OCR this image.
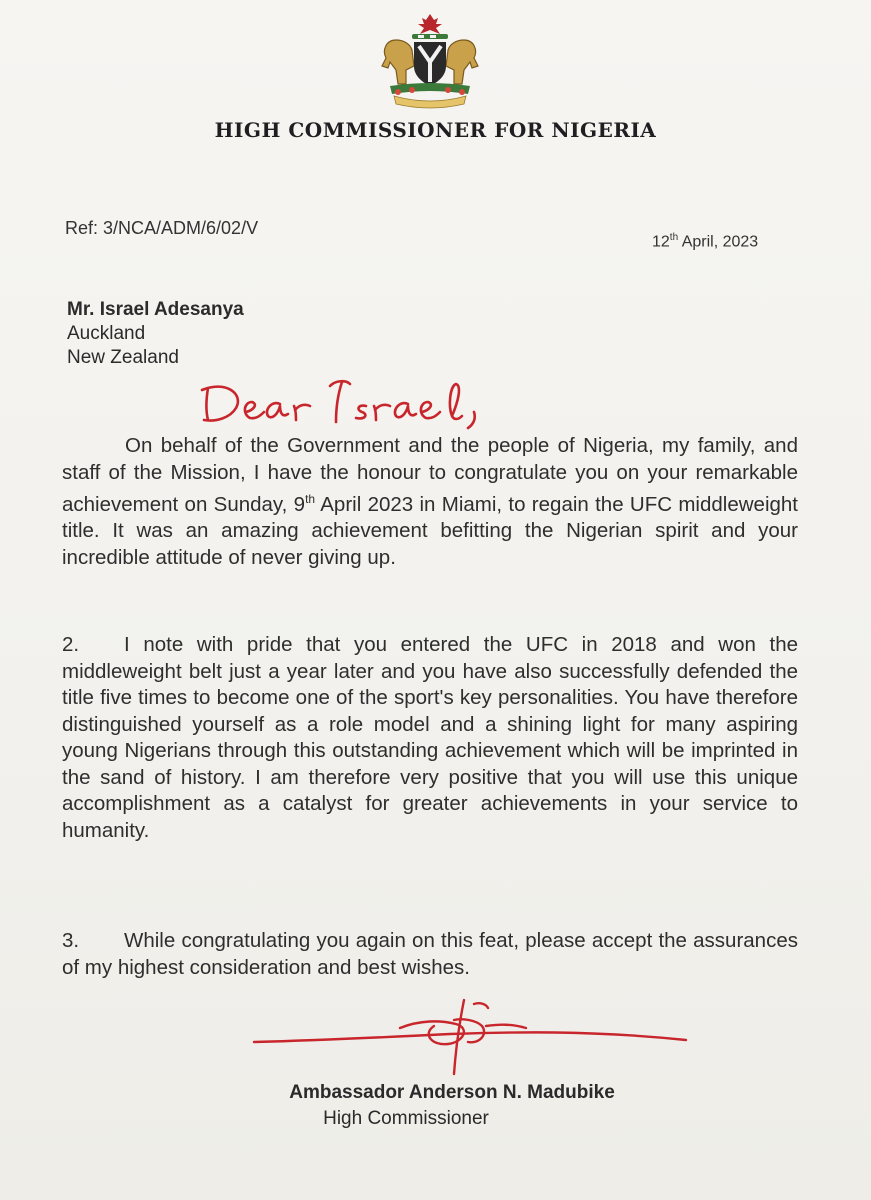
HIGH COMMISSIONER FOR NIGERIA
Ref: 3/NCA/ADM/6/02/V
12th April, 2023
Mr. Israel Adesanya
Auckland
New Zealand
On behalf of the Government and the people of Nigeria, my family, and staff of the Mission, I have the honour to congratulate you on your remarkable achievement on Sunday, 9th April 2023 in Miami, to regain the UFC middleweight title. It was an amazing achievement befitting the Nigerian spirit and your incredible attitude of never giving up.
2. I note with pride that you entered the UFC in 2018 and won the middleweight belt just a year later and you have also successfully defended the title five times to become one of the sport's key personalities. You have therefore distinguished yourself as a role model and a shining light for many aspiring young Nigerians through this outstanding achievement which will be imprinted in the sand of history. I am therefore very positive that you will use this unique accomplishment as a catalyst for greater achievements in your service to humanity.
3. While congratulating you again on this feat, please accept the assurances of my highest consideration and best wishes.
Ambassador Anderson N. Madubike
High Commissioner
